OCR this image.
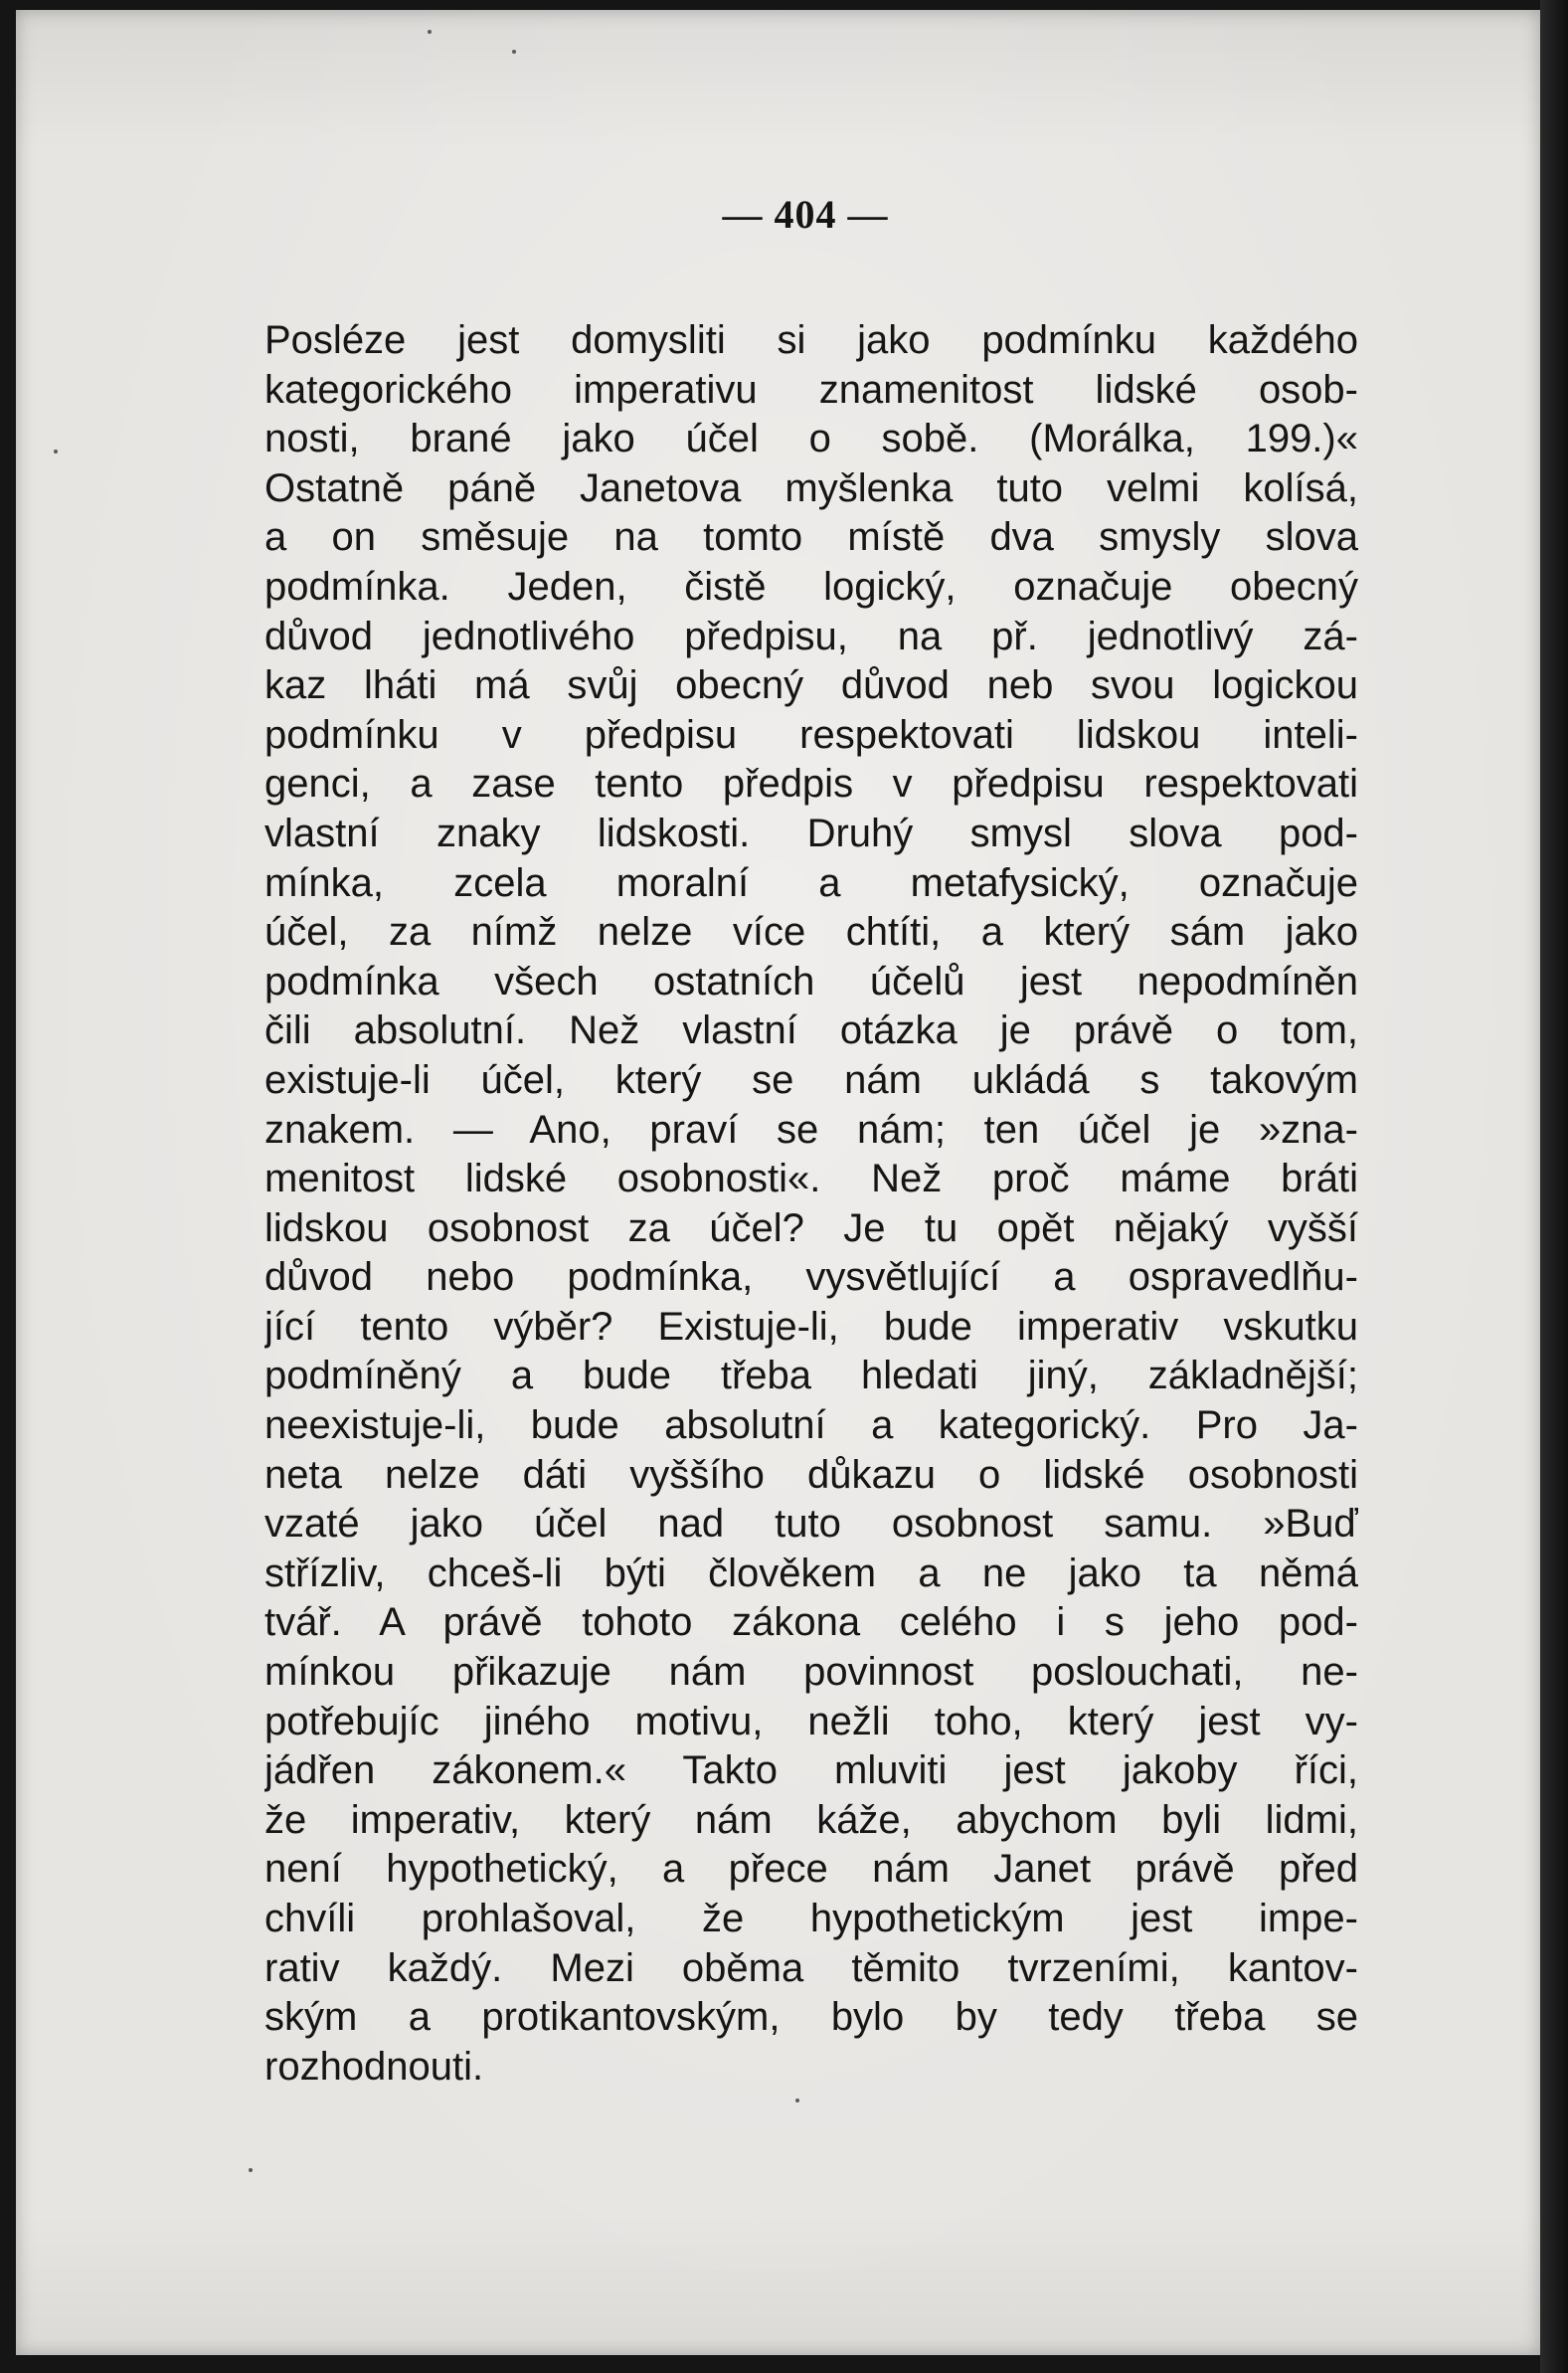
— 404 —
Posléze jest domysliti si jako podmínku každého
kategorického imperativu znamenitost lidské osob-
nosti, brané jako účel o sobě. (Morálka, 199.)«
Ostatně páně Janetova myšlenka tuto velmi kolísá,
a on směsuje na tomto místě dva smysly slova
podmínka. Jeden, čistě logický, označuje obecný
důvod jednotlivého předpisu, na př. jednotlivý zá-
kaz lháti má svůj obecný důvod neb svou logickou
podmínku v předpisu respektovati lidskou inteli-
genci, a zase tento předpis v předpisu respektovati
vlastní znaky lidskosti. Druhý smysl slova pod-
mínka, zcela moralní a metafysický, označuje
účel, za nímž nelze více chtíti, a který sám jako
podmínka všech ostatních účelů jest nepodmíněn
čili absolutní. Než vlastní otázka je právě o tom,
existuje-li účel, který se nám ukládá s takovým
znakem. — Ano, praví se nám; ten účel je »zna-
menitost lidské osobnosti«. Než proč máme bráti
lidskou osobnost za účel? Je tu opět nějaký vyšší
důvod nebo podmínka, vysvětlující a ospravedlňu-
jící tento výběr? Existuje-li, bude imperativ vskutku
podmíněný a bude třeba hledati jiný, základnější;
neexistuje-li, bude absolutní a kategorický. Pro Ja-
neta nelze dáti vyššího důkazu o lidské osobnosti
vzaté jako účel nad tuto osobnost samu. »Buď
střízliv, chceš-li býti člověkem a ne jako ta němá
tvář. A právě tohoto zákona celého i s jeho pod-
mínkou přikazuje nám povinnost poslouchati, ne-
potřebujíc jiného motivu, nežli toho, který jest vy-
jádřen zákonem.« Takto mluviti jest jakoby říci,
že imperativ, který nám káže, abychom byli lidmi,
není hypothetický, a přece nám Janet právě před
chvíli prohlašoval, že hypothetickým jest impe-
rativ každý. Mezi oběma těmito tvrzeními, kantov-
ským a protikantovským, bylo by tedy třeba se
rozhodnouti.
